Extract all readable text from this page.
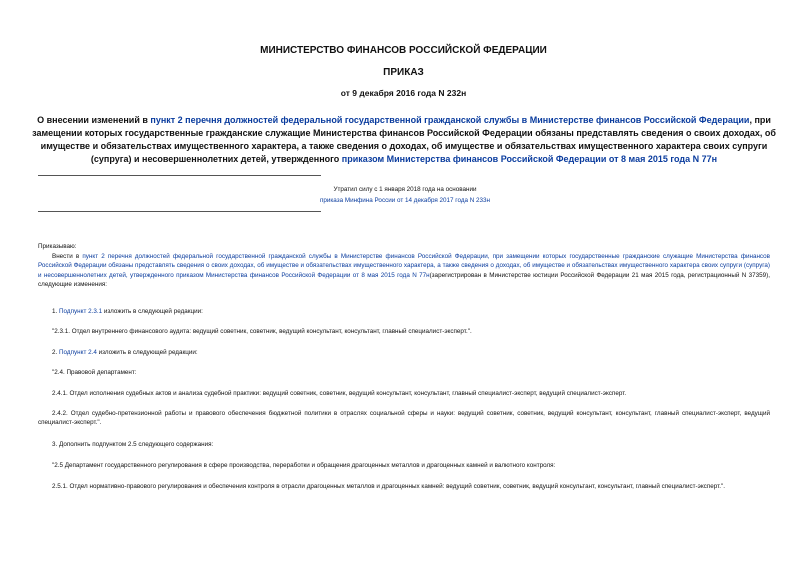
МИНИСТЕРСТВО ФИНАНСОВ РОССИЙСКОЙ ФЕДЕРАЦИИ
ПРИКАЗ
от 9 декабря 2016 года N 232н
О внесении изменений в пункт 2 перечня должностей федеральной государственной гражданской службы в Министерстве финансов Российской Федерации, при замещении которых государственные гражданские служащие Министерства финансов Российской Федерации обязаны представлять сведения о своих доходах, об имуществе и обязательствах имущественного характера, а также сведения о доходах, об имуществе и обязательствах имущественного характера своих супруги (супруга) и несовершеннолетних детей, утвержденного приказом Министерства финансов Российской Федерации от 8 мая 2015 года N 77н
Утратил силу с 1 января 2018 года на основании
приказа Минфина России от 14 декабря 2017 года N 233н
Приказываю:
Внести в пункт 2 перечня должностей федеральной государственной гражданской службы в Министерстве финансов Российской Федерации, при замещении которых государственные гражданские служащие Министерства финансов Российской Федерации обязаны представлять сведения о своих доходах, об имуществе и обязательствах имущественного характера, а также сведения о доходах, об имуществе и обязательствах имущественного характера своих супруги (супруга) и несовершеннолетних детей, утвержденного приказом Министерства финансов Российской Федерации от 8 мая 2015 года N 77н(зарегистрирован в Министерстве юстиции Российской Федерации 21 мая 2015 года, регистрационный N 37359), следующие изменения:
1. Подпункт 2.3.1 изложить в следующей редакции:
"2.3.1. Отдел внутреннего финансового аудита: ведущий советник, советник, ведущий консультант, консультант, главный специалист-эксперт.".
2. Подпункт 2.4 изложить в следующей редакции:
"2.4. Правовой департамент:
2.4.1. Отдел исполнения судебных актов и анализа судебной практики: ведущий советник, советник, ведущий консультант, консультант, главный специалист-эксперт, ведущий специалист-эксперт.
2.4.2. Отдел судебно-претензионной работы и правового обеспечения бюджетной политики в отраслях социальной сферы и науки: ведущий советник, советник, ведущий консультант, консультант, главный специалист-эксперт, ведущий специалист-эксперт.".
3. Дополнить подпунктом 2.5 следующего содержания:
"2.5 Департамент государственного регулирования в сфере производства, переработки и обращения драгоценных металлов и драгоценных камней и валютного контроля:
2.5.1. Отдел нормативно-правового регулирования и обеспечения контроля в отрасли драгоценных металлов и драгоценных камней: ведущий советник, советник, ведущий консультант, консультант, главный специалист-эксперт.".
